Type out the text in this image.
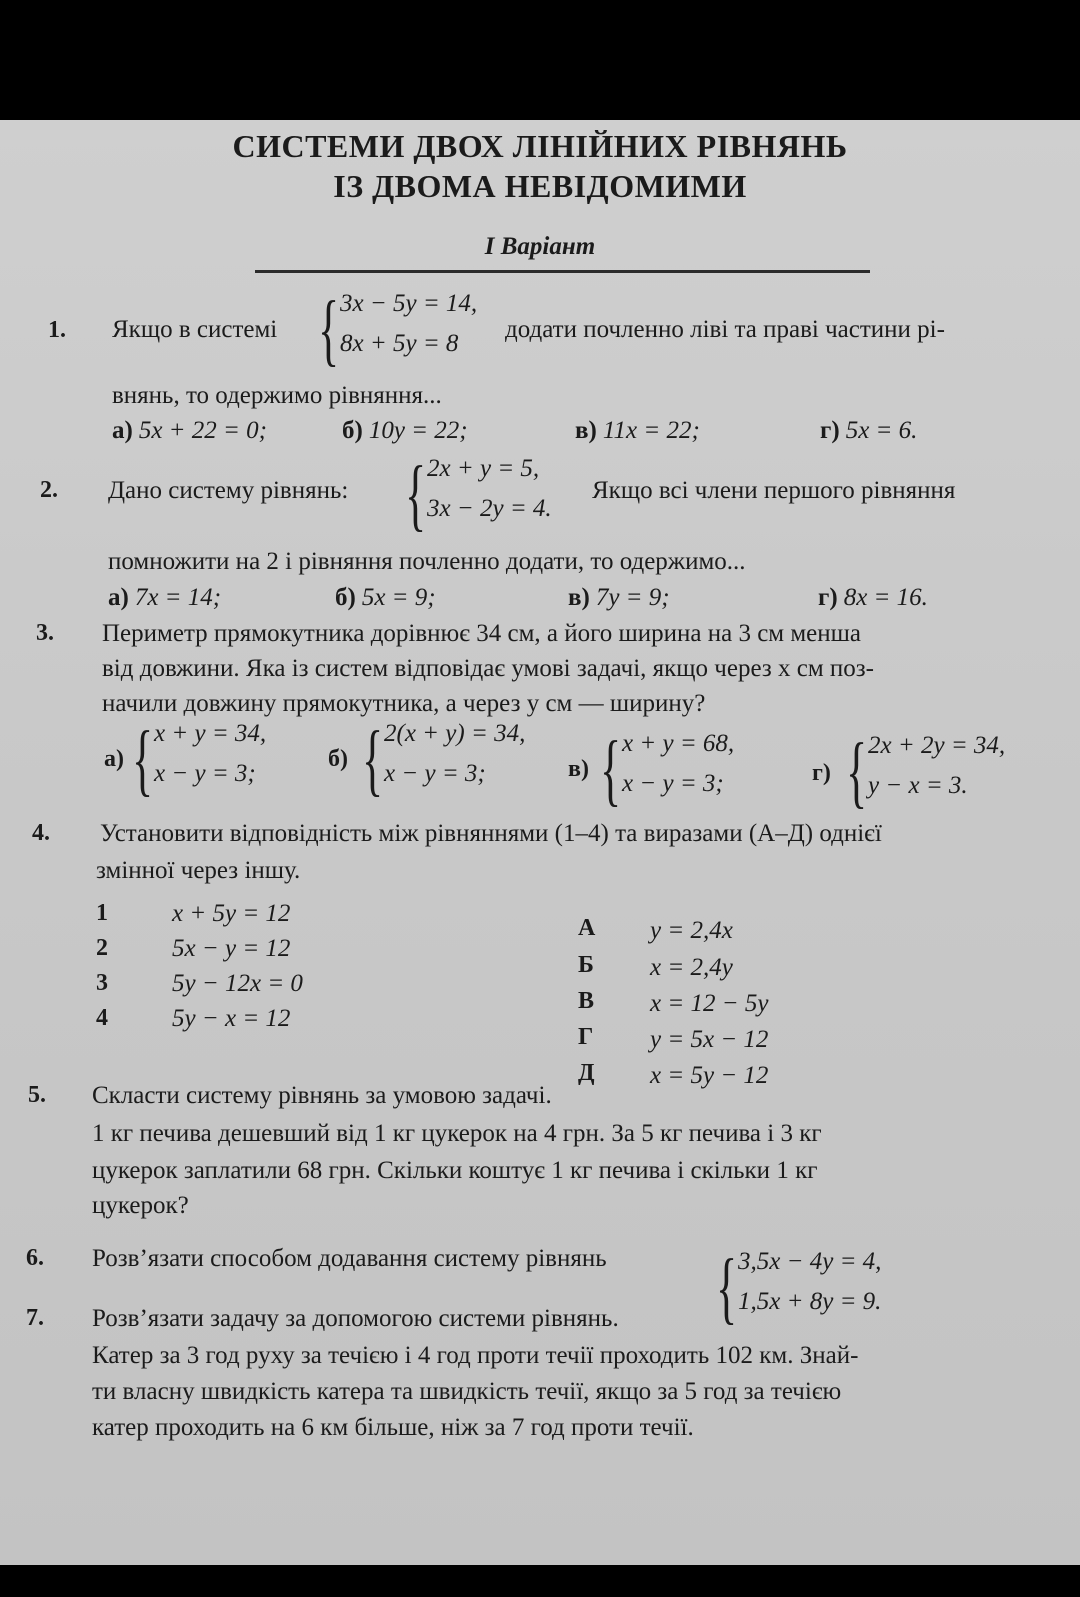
СИСТЕМИ ДВОХ ЛІНІЙНИХ РІВНЯНЬ
ІЗ ДВОМА НЕВІДОМИМИ
І Варіант
1. Якщо в системі { 3x − 5y = 14,
8x + 5y = 8
додати почленно ліві та праві частини рі-
внянь, то одержимо рівняння...
а) 5x + 22 = 0;	б) 10y = 22;	в) 11x = 22;	г) 5x = 6.
2. Дано систему рівнянь: { 2x + y = 5,
3x − 2y = 4.
Якщо всі члени першого рівняння
помножити на 2 і рівняння почленно додати, то одержимо...
а) 7x = 14;	б) 5x = 9;	в) 7y = 9;	г) 8x = 16.
3. Периметр прямокутника дорівнює 34 см, а його ширина на 3 см менша
від довжини. Яка із систем відповідає умові задачі, якщо через x см поз-
начили довжину прямокутника, а через y см — ширину?
а) { x + y = 34,
x − y = 3;
б) { 2(x + y) = 34,
x − y = 3;	в) { x + y = 68,
x − y = 3;	г) { 2x + 2y = 34,
y − x = 3.
4. Установити відповідність між рівняннями (1–4) та виразами (А–Д) однієї
змінної через іншу.
1	x + 5y = 12
2	5x − y = 12
3	5y − 12x = 0
4	5y − x = 12
А y = 2,4x
Б x = 2,4y
В x = 12 − 5y
Г y = 5x − 12
Д x = 5y − 12
5. Скласти систему рівнянь за умовою задачі.
1 кг печива дешевший від 1 кг цукерок на 4 грн. За 5 кг печива і 3 кг
цукерок заплатили 68 грн. Скільки коштує 1 кг печива і скільки 1 кг
цукерок?
6. Розв’язати способом додавання систему рівнянь { 3,5x − 4y = 4,
1,5x + 8y = 9.
7. Розв’язати задачу за допомогою системи рівнянь.
Катер за 3 год руху за течією і 4 год проти течії проходить 102 км. Знай-
ти власну швидкість катера та швидкість течії, якщо за 5 год за течією
катер проходить на 6 км більше, ніж за 7 год проти течії.
